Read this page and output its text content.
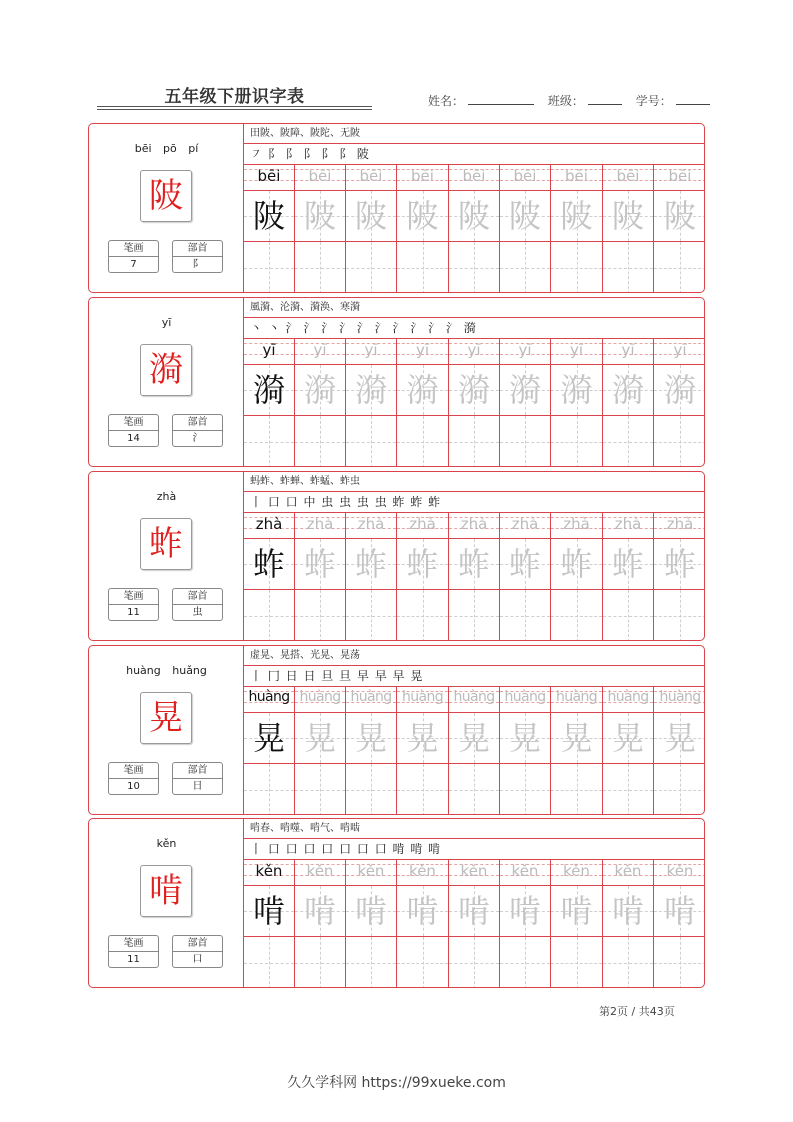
五年级下册识字表	姓名：	班级：	学号：
bēi pō pí
陂
笔画
7
部首
阝
田陂、陂障、陂陀、无陂
㇇ 阝 阝 阝 阝 阝 陂
bēi	bēi	bēi	bēi	bēi	bēi	bēi	bēi	bēi
陂 陂 陂 陂 陂 陂 陂 陂 陂
yī
漪
笔画
14
部首
氵
風漪、沦漪、漪涣、寒漪
丶 丶 氵 氵 氵 氵 氵 氵 氵 氵 氵 氵 漪
yī	yī	yī	yī	yī	yī	yī	yī	yī
漪 漪 漪 漪 漪 漪 漪 漪 漪
zhà
蚱
笔画
11
部首
虫
蚂蚱、蚱蝉、蚱蜢、蚱虫
丨 口 口 中 虫 虫 虫 虫 蚱 蚱 蚱
zhà	zhà	zhà	zhà	zhà	zhà	zhà	zhà	zhà
蚱 蚱 蚱 蚱 蚱 蚱 蚱 蚱 蚱
huàng huǎng
晃
笔画
10
部首
日
虚晃、晃搭、光晃、晃荡
丨 冂 日 日 旦 旦 早 早 早 晃
huàng huàng huàng huàng huàng huàng huàng huàng huàng
晃 晃 晃 晃 晃 晃 晃 晃 晃
kěn
啃
笔画
11
部首
口
啃春、啃噬、啃气、啃啮
丨 口 口 口 口 口 口 口 啃 啃 啃
kěn	kěn	kěn	kěn	kěn	kěn	kěn	kěn	kěn
啃 啃 啃 啃 啃 啃 啃 啃 啃
第2页 / 共43页
久久学科网 https://99xueke.com
